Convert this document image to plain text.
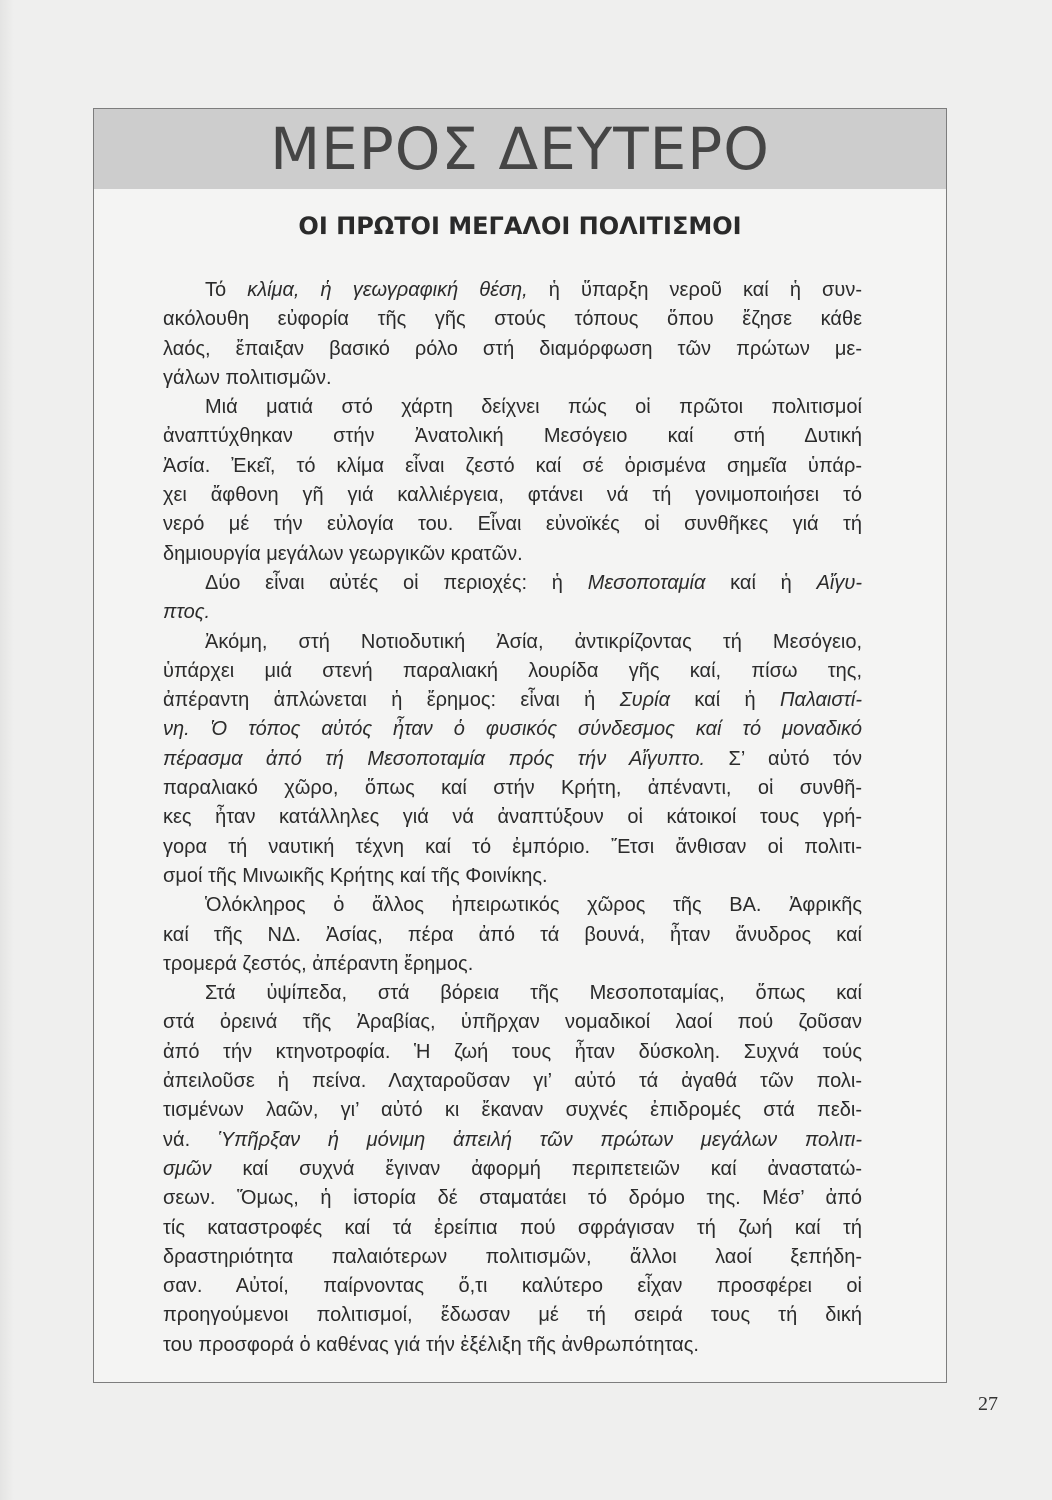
ΜΕΡΟΣ ΔΕΥΤΕΡΟ
ΟΙ ΠΡΩΤΟΙ ΜΕΓΑΛΟΙ ΠΟΛΙΤΙΣΜΟΙ
Τό κλίμα, ἡ γεωγραφική θέση, ἡ ὕπαρξη νεροῦ καί ἡ συν-
ακόλουθη εὐφορία τῆς γῆς στούς τόπους ὅπου ἔζησε κάθε
λαός, ἔπαιξαν βασικό ρόλο στή διαμόρφωση τῶν πρώτων με-
γάλων πολιτισμῶν.
Μιά ματιά στό χάρτη δείχνει πώς οἱ πρῶτοι πολιτισμοί
ἀναπτύχθηκαν στήν Ἀνατολική Μεσόγειο καί στή Δυτική
Ἀσία. Ἐκεῖ, τό κλίμα εἶναι ζεστό καί σέ ὁρισμένα σημεῖα ὑπάρ-
χει ἄφθονη γῆ γιά καλλιέργεια, φτάνει νά τή γονιμοποιήσει τό
νερό μέ τήν εὐλογία του. Εἶναι εὐνοϊκές οἱ συνθῆκες γιά τή
δημιουργία μεγάλων γεωργικῶν κρατῶν.
Δύο εἶναι αὐτές οἱ περιοχές: ἡ Μεσοποταμία καί ἡ Αἴγυ-
πτος.
Ἀκόμη, στή Νοτιοδυτική Ἀσία, ἀντικρίζοντας τή Μεσόγειο,
ὑπάρχει μιά στενή παραλιακή λουρίδα γῆς καί, πίσω της,
ἀπέραντη ἁπλώνεται ἡ ἔρημος: εἶναι ἡ Συρία καί ἡ Παλαιστί-
νη. Ὁ τόπος αὐτός ἦταν ὁ φυσικός σύνδεσμος καί τό μοναδικό
πέρασμα ἀπό τή Μεσοποταμία πρός τήν Αἴγυπτο. Σ’ αὐτό τόν
παραλιακό χῶρο, ὅπως καί στήν Κρήτη, ἀπέναντι, οἱ συνθῆ-
κες ἦταν κατάλληλες γιά νά ἀναπτύξουν οἱ κάτοικοί τους γρή-
γορα τή ναυτική τέχνη καί τό ἐμπόριο. Ἔτσι ἄνθισαν οἱ πολιτι-
σμοί τῆς Μινωικῆς Κρήτης καί τῆς Φοινίκης.
Ὁλόκληρος ὁ ἄλλος ἠπειρωτικός χῶρος τῆς ΒΑ. Ἀφρικῆς
καί τῆς ΝΔ. Ἀσίας, πέρα ἀπό τά βουνά, ἦταν ἄνυδρος καί
τρομερά ζεστός, ἀπέραντη ἔρημος.
Στά ὑψίπεδα, στά βόρεια τῆς Μεσοποταμίας, ὅπως καί
στά ὀρεινά τῆς Ἀραβίας, ὑπῆρχαν νομαδικοί λαοί πού ζοῦσαν
ἀπό τήν κτηνοτροφία. Ἡ ζωή τους ἦταν δύσκολη. Συχνά τούς
ἀπειλοῦσε ἡ πείνα. Λαχταροῦσαν γι’ αὐτό τά ἀγαθά τῶν πολι-
τισμένων λαῶν, γι’ αὐτό κι ἔκαναν συχνές ἐπιδρομές στά πεδι-
νά. Ὑπῆρξαν ἡ μόνιμη ἀπειλή τῶν πρώτων μεγάλων πολιτι-
σμῶν καί συχνά ἔγιναν ἀφορμή περιπετειῶν καί ἀναστατώ-
σεων. Ὅμως, ἡ ἱστορία δέ σταματάει τό δρόμο της. Μέσ’ ἀπό
τίς καταστροφές καί τά ἐρείπια πού σφράγισαν τή ζωή καί τή
δραστηριότητα παλαιότερων πολιτισμῶν, ἄλλοι λαοί ξεπήδη-
σαν. Αὐτοί, παίρνοντας ὅ,τι καλύτερο εἶχαν προσφέρει οἱ
προηγούμενοι πολιτισμοί, ἔδωσαν μέ τή σειρά τους τή δική
του προσφορά ὁ καθένας γιά τήν ἐξέλιξη τῆς ἀνθρωπότητας.
27
